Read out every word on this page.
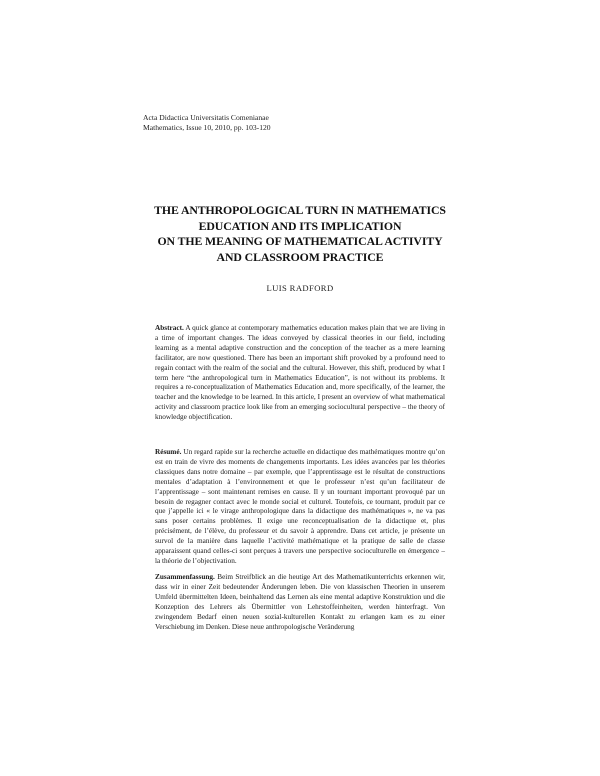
Acta Didactica Universitatis Comenianae
Mathematics, Issue 10, 2010, pp. 103-120
THE ANTHROPOLOGICAL TURN IN MATHEMATICS
EDUCATION AND ITS IMPLICATION
ON THE MEANING OF MATHEMATICAL ACTIVITY
AND CLASSROOM PRACTICE
LUIS RADFORD
Abstract. A quick glance at contemporary mathematics education makes plain that we are living in a time of important changes. The ideas conveyed by classical theories in our field, including learning as a mental adaptive construction and the conception of the teacher as a mere learning facilitator, are now questioned. There has been an important shift provoked by a profound need to regain contact with the realm of the social and the cultural. However, this shift, produced by what I term here “the anthropological turn in Mathematics Education”, is not without its problems. It requires a re-conceptualization of Mathematics Education and, more specifically, of the learner, the teacher and the knowledge to be learned. In this article, I present an overview of what mathematical activity and classroom practice look like from an emerging sociocultural perspective – the theory of knowledge objectification.
Résumé. Un regard rapide sur la recherche actuelle en didactique des mathématiques montre qu’on est en train de vivre des moments de changements importants. Les idées avancées par les théories classiques dans notre domaine – par exemple, que l’apprentissage est le résultat de constructions mentales d’adaptation à l’environnement et que le professeur n’est qu’un facilitateur de l’apprentissage – sont maintenant remises en cause. Il y un tournant important provoqué par un besoin de regagner contact avec le monde social et culturel. Toutefois, ce tournant, produit par ce que j’appelle ici « le virage anthropologique dans la didactique des mathématiques », ne va pas sans poser certains problèmes. Il exige une reconceptualisation de la didactique et, plus précisément, de l’élève, du professeur et du savoir à apprendre. Dans cet article, je présente un survol de la manière dans laquelle l’activité mathématique et la pratique de salle de classe apparaissent quand celles-ci sont perçues à travers une perspective socioculturelle en émergence – la théorie de l’objectivation.
Zusammenfassung. Beim Streifblick an die heutige Art des Mathematikunterrichts erkennen wir, dass wir in einer Zeit bedeutender Änderungen leben. Die von klassischen Theorien in unserem Umfeld übermittelten Ideen, beinhaltend das Lernen als eine mental adaptive Konstruktion und die Konzeption des Lehrers als Übermittler von Lehrstoffeinheiten, werden hinterfragt. Von zwingendem Bedarf einen neuen sozial-kulturellen Kontakt zu erlangen kam es zu einer Verschiebung im Denken. Diese neue anthropologische Veränderung
